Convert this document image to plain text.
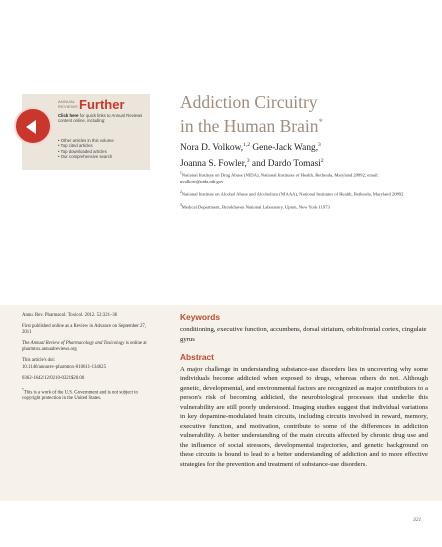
ANNUAL REVIEWS Further
Click here for quick links to Annual Reviews content online, including:
• Other articles in this volume
• Top cited articles
• Top downloaded articles
• Our comprehensive search
Addiction Circuitry
in the Human Brain*
Nora D. Volkow,$^{1,2}$ Gene-Jack Wang,$^3$
Joanna S. Fowler,$^3$ and Dardo Tomasi$^2$
$^1$National Institute on Drug Abuse (NIDA), National Institutes of Health, Bethesda, Maryland 20892; email: nvolkow@nida.nih.gov
$^2$National Institute on Alcohol Abuse and Alcoholism (NIAAA), National Institutes of Health, Bethesda, Maryland 20892
$^3$Medical Department, Brookhaven National Laboratory, Upton, New York 11973

Annu. Rev. Pharmacol. Toxicol. 2012. 52:321–36

First published online as a Review in Advance on September 27, 2011

The Annual Review of Pharmacology and Toxicology is online at pharmtox.annualreviews.org

This article's doi:
10.1146/annurev-pharmtox-010611-134625

0362-1642/12/0210-0321$20.00

*This is a work of the U.S. Government and is not subject to copyright protection in the United States.

Keywords
conditioning, executive function, accumbens, dorsal striatum, orbitofrontal cortex, cingulate gyrus
Abstract

A major challenge in understanding substance-use disorders lies in uncovering why some individuals become addicted when exposed to drugs, whereas others do not. Although genetic, developmental, and environmental factors are recognized as major contributors to a person's risk of becoming addicted, the neurobiological processes that underlie this vulnerability are still poorly understood. Imaging studies suggest that individual variations in key dopamine-modulated brain circuits, including circuits involved in reward, memory, executive function, and motivation, contribute to some of the differences in addiction vulnerability. A better understanding of the main circuits affected by chronic drug use and the influence of social stressors, developmental trajectories, and genetic background on these circuits is bound to lead to a better understanding of addiction and to more effective strategies for the prevention and treatment of substance-use disorders.

321
